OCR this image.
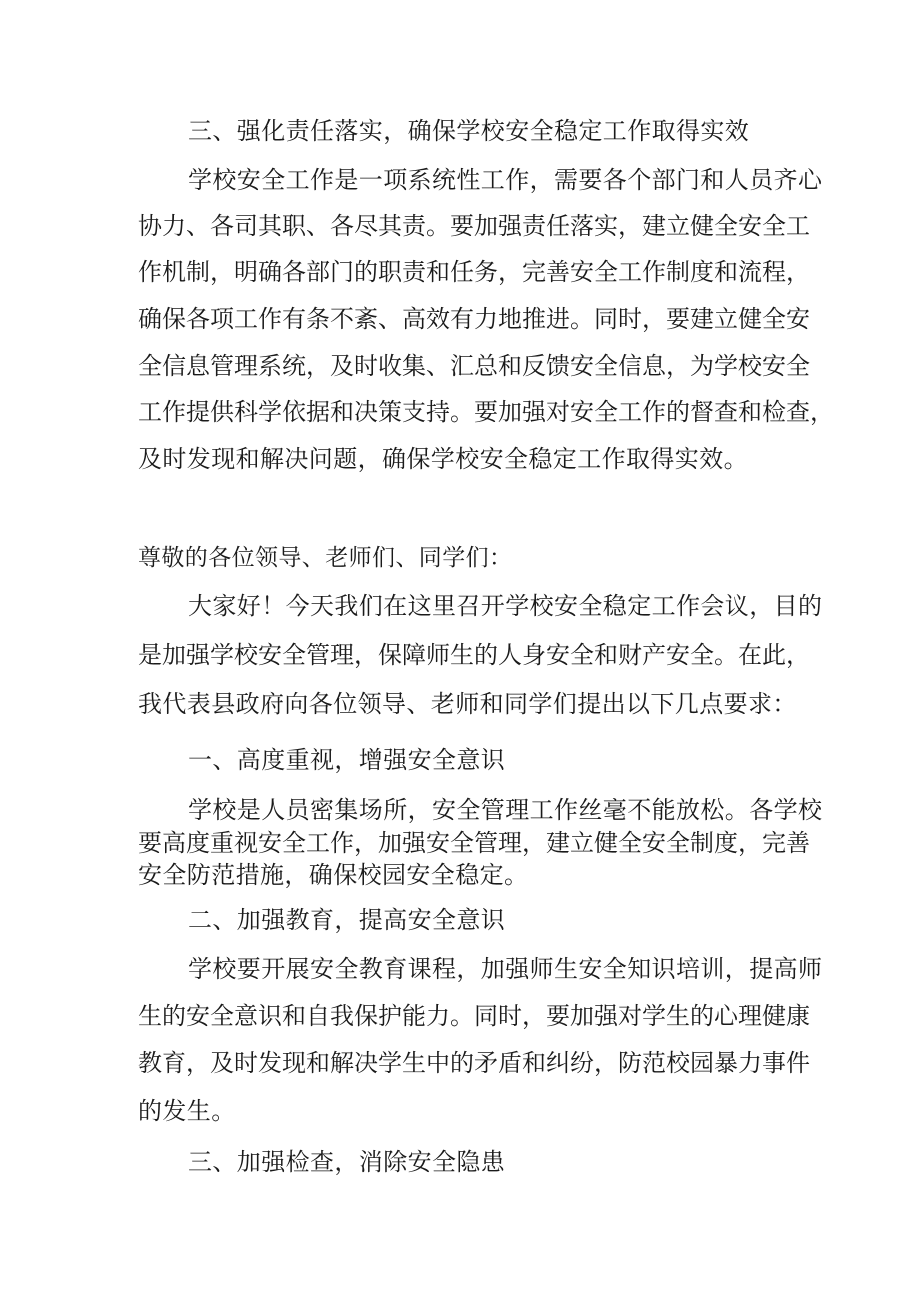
三、强化责任落实，确保学校安全稳定工作取得实效
学校安全工作是一项系统性工作，需要各个部门和人员齐心
协力、各司其职、各尽其责。要加强责任落实，建立健全安全工
作机制，明确各部门的职责和任务，完善安全工作制度和流程，
确保各项工作有条不紊、高效有力地推进。同时，要建立健全安
全信息管理系统，及时收集、汇总和反馈安全信息，为学校安全
工作提供科学依据和决策支持。要加强对安全工作的督查和检查，
及时发现和解决问题，确保学校安全稳定工作取得实效。
尊敬的各位领导、老师们、同学们：
大家好！今天我们在这里召开学校安全稳定工作会议，目的
是加强学校安全管理，保障师生的人身安全和财产安全。在此，
我代表县政府向各位领导、老师和同学们提出以下几点要求：
一、高度重视，增强安全意识
学校是人员密集场所，安全管理工作丝毫不能放松。各学校
要高度重视安全工作，加强安全管理，建立健全安全制度，完善
安全防范措施，确保校园安全稳定。
二、加强教育，提高安全意识
学校要开展安全教育课程，加强师生安全知识培训，提高师
生的安全意识和自我保护能力。同时，要加强对学生的心理健康
教育，及时发现和解决学生中的矛盾和纠纷，防范校园暴力事件
的发生。
三、加强检查，消除安全隐患
